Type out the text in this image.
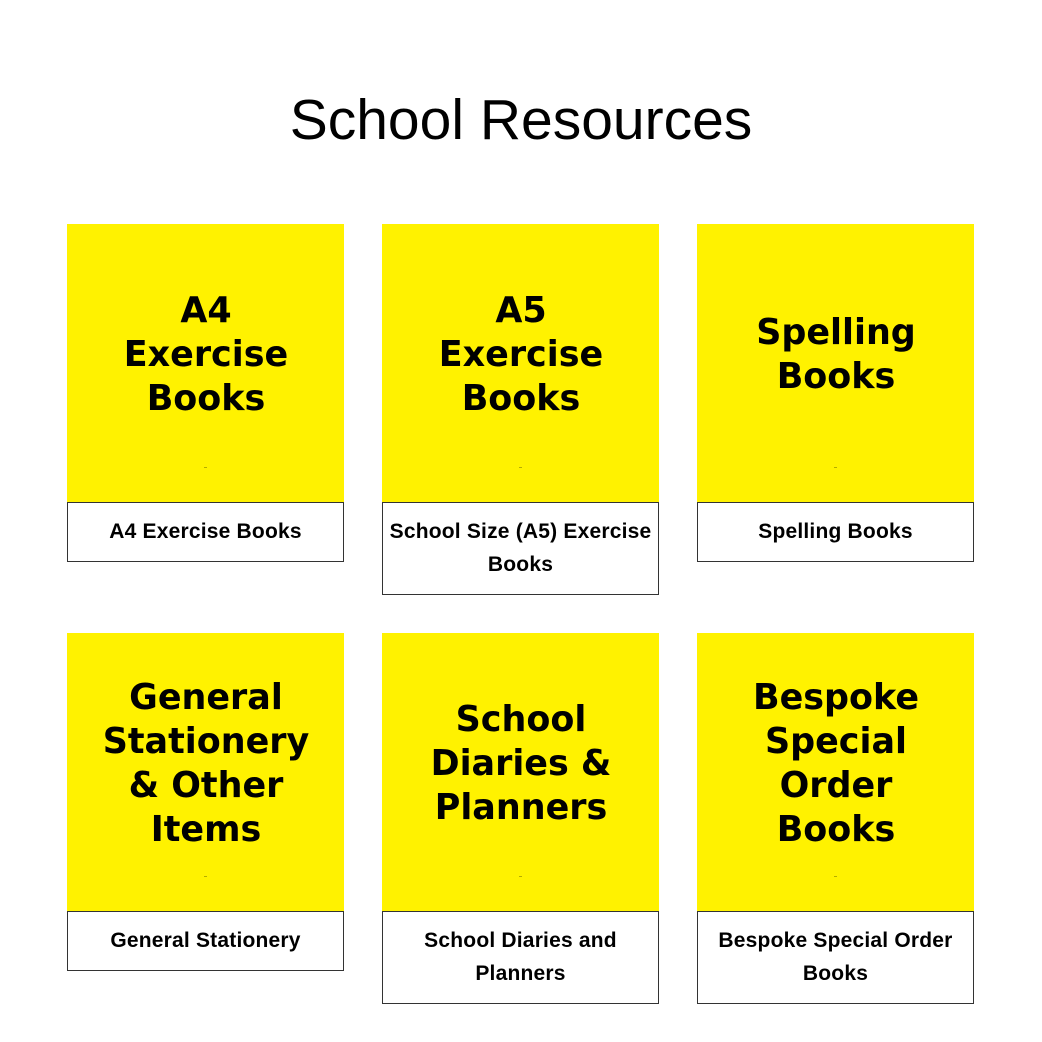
School Resources
A4
Exercise
Books
A4 Exercise Books
A5
Exercise
Books
School Size (A5) Exercise Books
Spelling
Books
Spelling Books
General
Stationery
& Other
Items
General Stationery
School
Diaries &
Planners
School Diaries and Planners
Bespoke
Special
Order
Books
Bespoke Special Order Books
